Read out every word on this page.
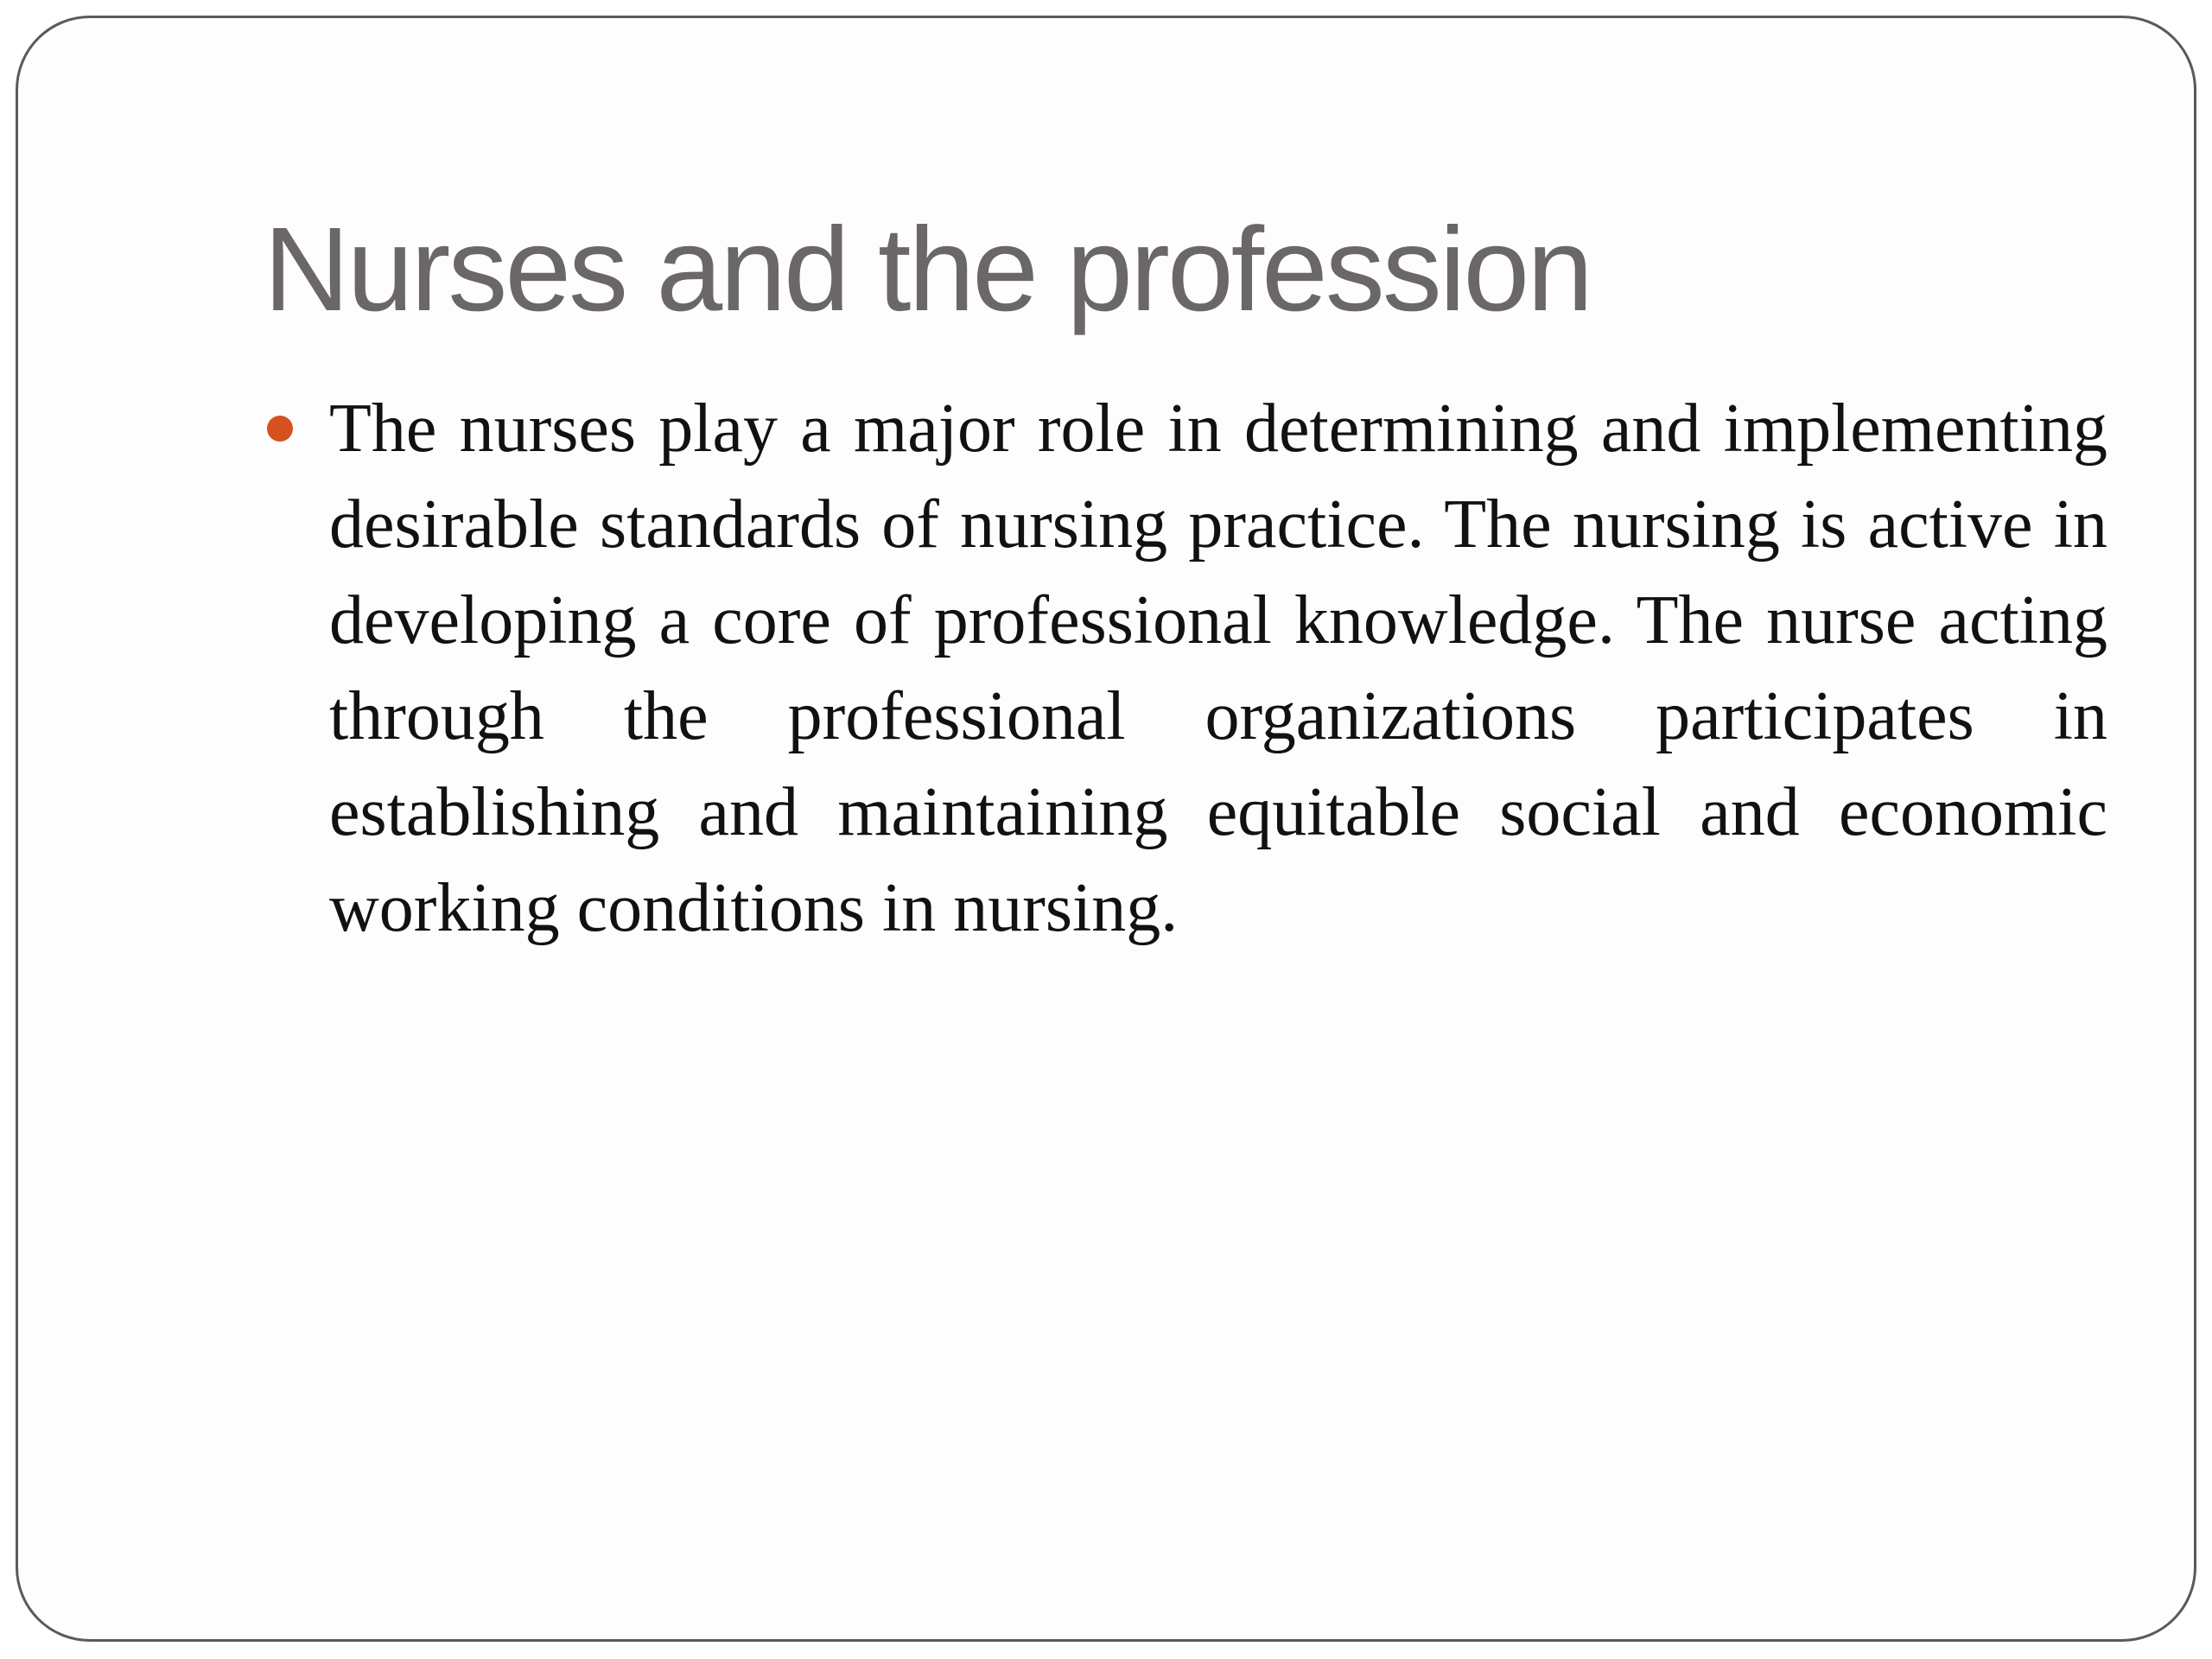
Nurses and the profession
The nurses play a major role in determining and implementing desirable standards of nursing practice. The nursing is active in developing a core of professional knowledge. The nurse acting through the professional organizations participates in establishing and maintaining equitable social and economic working conditions in nursing.
